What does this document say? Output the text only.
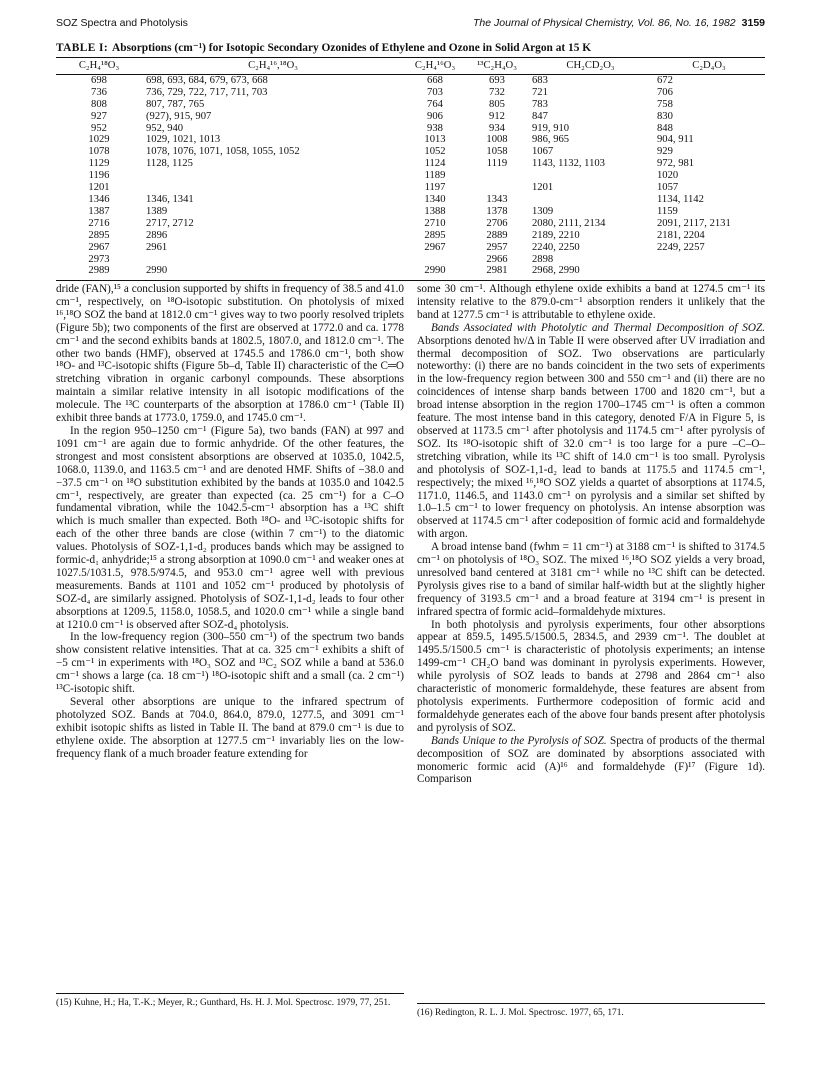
SOZ Spectra and Photolysis	The Journal of Physical Chemistry, Vol. 86, No. 16, 1982 3159
TABLE I: Absorptions (cm⁻¹) for Isotopic Secondary Ozonides of Ethylene and Ozone in Solid Argon at 15 K
C₂H₄¹⁸O₃	C₂H₄¹⁶,¹⁸O₃	C₂H₄¹⁶O₃	¹³C₂H₄O₃	CH₂CD₂O₃	C₂D₄O₃
698	698, 693, 684, 679, 673, 668	668	693	683	672
736	736, 729, 722, 717, 711, 703	703	732	721	706
808	807, 787, 765	764	805	783	758
927	(927), 915, 907	906	912	847	830
952	952, 940	938	934	919, 910	848
1029	1029, 1021, 1013	1013	1008	986, 965	904, 911
1078	1078, 1076, 1071, 1058, 1055, 1052	1052	1058	1067	929
1129	1128, 1125	1124	1119	1143, 1132, 1103	972, 981
1196		1189			1020
1201		1197		1201	1057
1346	1346, 1341	1340	1343		1134, 1142
1387	1389	1388	1378	1309	1159
2716	2717, 2712	2710	2706	2080, 2111, 2134	2091, 2117, 2131
2895	2896	2895	2889	2189, 2210	2181, 2204
2967	2961	2967	2957	2240, 2250	2249, 2257
2973			2966	2898	
2989	2990	2990	2981	2968, 2990	

dride (FAN),¹⁵ a conclusion supported by shifts in frequency of 38.5 and 41.0 cm⁻¹, respectively, on ¹⁸O-isotopic substitution. On photolysis of mixed ¹⁶,¹⁸O SOZ the band at 1812.0 cm⁻¹ gives way to two poorly resolved triplets (Figure 5b); two components of the first are observed at 1772.0 and ca. 1778 cm⁻¹ and the second exhibits bands at 1802.5, 1807.0, and 1812.0 cm⁻¹. The other two bands (HMF), observed at 1745.5 and 1786.0 cm⁻¹, both show ¹⁸O- and ¹³C-isotopic shifts (Figure 5b–d, Table II) characteristic of the C═O stretching vibration in organic carbonyl compounds. These absorptions maintain a similar relative intensity in all isotopic modifications of the molecule. The ¹³C counterparts of the absorption at 1786.0 cm⁻¹ (Table II) exhibit three bands at 1773.0, 1759.0, and 1745.0 cm⁻¹.

In the region 950–1250 cm⁻¹ (Figure 5a), two bands (FAN) at 997 and 1091 cm⁻¹ are again due to formic anhydride. Of the other features, the strongest and most consistent absorptions are observed at 1035.0, 1042.5, 1068.0, 1139.0, and 1163.5 cm⁻¹ and are denoted HMF. Shifts of −38.0 and −37.5 cm⁻¹ on ¹⁸O substitution exhibited by the bands at 1035.0 and 1042.5 cm⁻¹, respectively, are greater than expected (ca. 25 cm⁻¹) for a C–O fundamental vibration, while the 1042.5-cm⁻¹ absorption has a ¹³C shift which is much smaller than expected. Both ¹⁸O- and ¹³C-isotopic shifts for each of the other three bands are close (within 7 cm⁻¹) to the diatomic values. Photolysis of SOZ-1,1-d₂ produces bands which may be assigned to formic-d₁ anhydride;¹⁵ a strong absorption at 1090.0 cm⁻¹ and weaker ones at 1027.5/1031.5, 978.5/974.5, and 953.0 cm⁻¹ agree well with previous measurements. Bands at 1101 and 1052 cm⁻¹ produced by photolysis of SOZ-d₄ are similarly assigned. Photolysis of SOZ-1,1-d₂ leads to four other absorptions at 1209.5, 1158.0, 1058.5, and 1020.0 cm⁻¹ while a single band at 1210.0 cm⁻¹ is observed after SOZ-d₄ photolysis.

In the low-frequency region (300–550 cm⁻¹) of the spectrum two bands show consistent relative intensities. That at ca. 325 cm⁻¹ exhibits a shift of −5 cm⁻¹ in experiments with ¹⁸O₃ SOZ and ¹³C₂ SOZ while a band at 536.0 cm⁻¹ shows a large (ca. 18 cm⁻¹) ¹⁸O-isotopic shift and a small (ca. 2 cm⁻¹) ¹³C-isotopic shift.

Several other absorptions are unique to the infrared spectrum of photolyzed SOZ. Bands at 704.0, 864.0, 879.0, 1277.5, and 3091 cm⁻¹ exhibit isotopic shifts as listed in Table II. The band at 879.0 cm⁻¹ is due to ethylene oxide. The absorption at 1277.5 cm⁻¹ invariably lies on the low-frequency flank of a much broader feature extending for

some 30 cm⁻¹. Although ethylene oxide exhibits a band at 1274.5 cm⁻¹ its intensity relative to the 879.0-cm⁻¹ absorption renders it unlikely that the band at 1277.5 cm⁻¹ is attributable to ethylene oxide.

Bands Associated with Photolytic and Thermal Decomposition of SOZ. Absorptions denoted hν/Δ in Table II were observed after UV irradiation and thermal decomposition of SOZ. Two observations are particularly noteworthy: (i) there are no bands coincident in the two sets of experiments in the low-frequency region between 300 and 550 cm⁻¹ and (ii) there are no coincidences of intense sharp bands between 1700 and 1820 cm⁻¹, but a broad intense absorption in the region 1700–1745 cm⁻¹ is often a common feature. The most intense band in this category, denoted F/A in Figure 5, is observed at 1173.5 cm⁻¹ after photolysis and 1174.5 cm⁻¹ after pyrolysis of SOZ. Its ¹⁸O-isotopic shift of 32.0 cm⁻¹ is too large for a pure –C–O– stretching vibration, while its ¹³C shift of 14.0 cm⁻¹ is too small. Pyrolysis and photolysis of SOZ-1,1-d₂ lead to bands at 1175.5 and 1174.5 cm⁻¹, respectively; the mixed ¹⁶,¹⁸O SOZ yields a quartet of absorptions at 1174.5, 1171.0, 1146.5, and 1143.0 cm⁻¹ on pyrolysis and a similar set shifted by 1.0–1.5 cm⁻¹ to lower frequency on photolysis. An intense absorption was observed at 1174.5 cm⁻¹ after codeposition of formic acid and formaldehyde with argon.

A broad intense band (fwhm = 11 cm⁻¹) at 3188 cm⁻¹ is shifted to 3174.5 cm⁻¹ on photolysis of ¹⁸O₃ SOZ. The mixed ¹⁶,¹⁸O SOZ yields a very broad, unresolved band centered at 3181 cm⁻¹ while no ¹³C shift can be detected. Pyrolysis gives rise to a band of similar half-width but at the slightly higher frequency of 3193.5 cm⁻¹ and a broad feature at 3194 cm⁻¹ is present in infrared spectra of formic acid–formaldehyde mixtures.

In both photolysis and pyrolysis experiments, four other absorptions appear at 859.5, 1495.5/1500.5, 2834.5, and 2939 cm⁻¹. The doublet at 1495.5/1500.5 cm⁻¹ is characteristic of photolysis experiments; an intense 1499-cm⁻¹ CH₂O band was dominant in pyrolysis experiments. However, while pyrolysis of SOZ leads to bands at 2798 and 2864 cm⁻¹ also characteristic of monomeric formaldehyde, these features are absent from photolysis experiments. Furthermore codeposition of formic acid and formaldehyde generates each of the above four bands present after photolysis and pyrolysis of SOZ.

Bands Unique to the Pyrolysis of SOZ. Spectra of products of the thermal decomposition of SOZ are dominated by absorptions associated with monomeric formic acid (A)¹⁶ and formaldehyde (F)¹⁷ (Figure 1d). Comparison

(15) Kuhne, H.; Ha, T.-K.; Meyer, R.; Gunthard, Hs. H. J. Mol. Spectrosc. 1979, 77, 251.
(16) Redington, R. L. J. Mol. Spectrosc. 1977, 65, 171.
